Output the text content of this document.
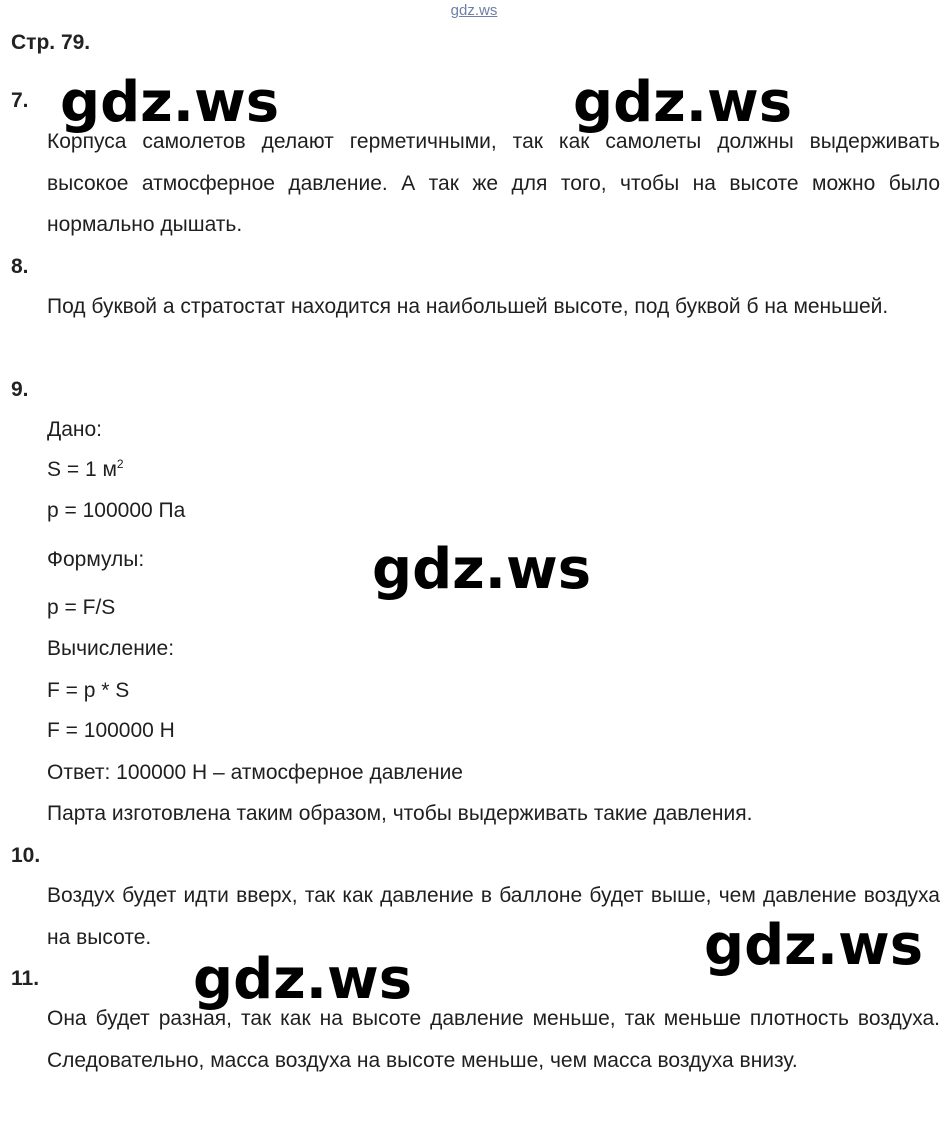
gdz.ws
Стр. 79.
7.
Корпуса самолетов делают герметичными, так как самолеты должны выдерживать высокое атмосферное давление. А так же для того, чтобы на высоте можно было нормально дышать.
8.
Под буквой а стратостат находится на наибольшей высоте, под буквой б на меньшей.
9.
Дано:
S = 1 $м^2$
p = 100000 Па
Формулы:
p = F/S
Вычисление:
F = p * S
F = 100000 Н
Ответ: 100000 Н – атмосферное давление
Парта изготовлена таким образом, чтобы выдерживать такие давления.
10.
Воздух будет идти вверх, так как давление в баллоне будет выше, чем давление воздуха на высоте.
11.
Она будет разная, так как на высоте давление меньше, так меньше плотность воздуха. Следовательно, масса воздуха на высоте меньше, чем масса воздуха внизу.
gdz.ws	gdz.ws
gdz.ws
gdz.ws
gdz.ws
